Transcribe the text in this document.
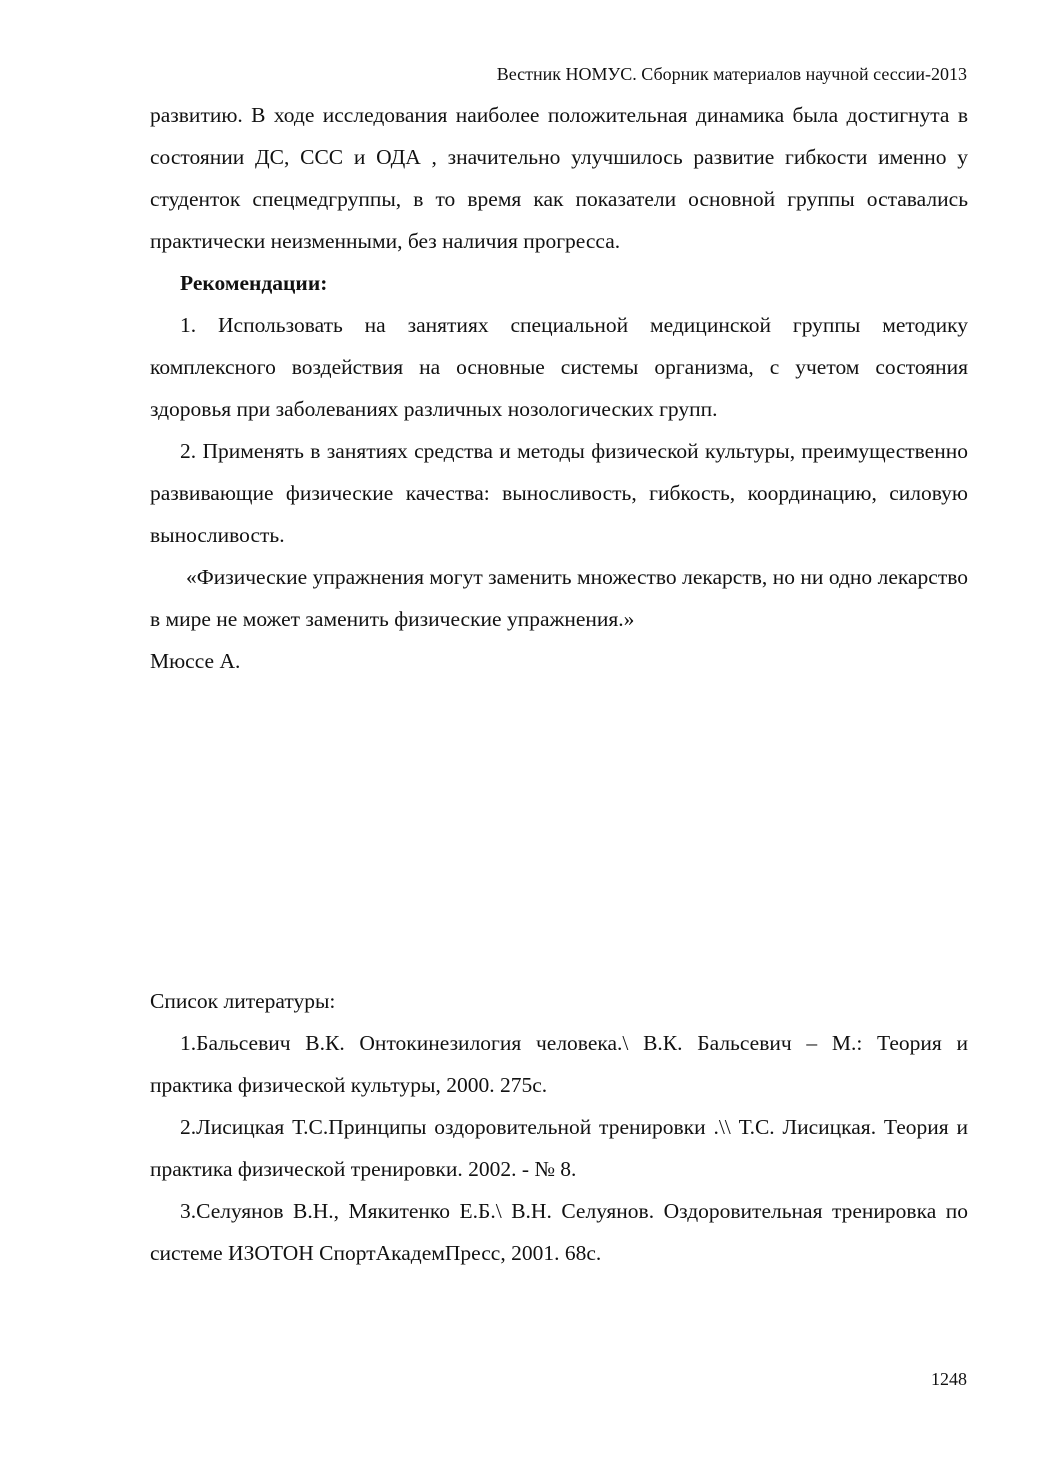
Вестник НОМУС. Сборник материалов научной сессии-2013

развитию. В ходе исследования наиболее положительная динамика была достигнута в состоянии ДС, ССС и ОДА , значительно улучшилось развитие гибкости именно у студенток спецмедгруппы, в то время как показатели основной группы оставались практически неизменными, без наличия прогресса.

Рекомендации:

1. Использовать на занятиях специальной медицинской группы методику комплексного воздействия на основные системы организма, с учетом состояния здоровья при заболеваниях различных нозологических групп.

2. Применять в занятиях средства и методы физической культуры, преимущественно развивающие физические качества: выносливость, гибкость, координацию, силовую выносливость.

«Физические упражнения могут заменить множество лекарств, но ни одно лекарство в мире не может заменить физические упражнения.»

Мюссе А.

Список литературы:

1.Бальсевич В.К. Онтокинезилогия человека.\ В.К. Бальсевич – М.: Теория и практика физической культуры, 2000. 275с.

2.Лисицкая Т.С.Принципы оздоровительной тренировки .\\ Т.С. Лисицкая. Теория и практика физической тренировки. 2002. - № 8.

3.Селуянов В.Н., Мякитенко Е.Б.\ В.Н. Селуянов. Оздоровительная тренировка по системе ИЗОТОН СпортАкадемПресс, 2001. 68с.

1248
